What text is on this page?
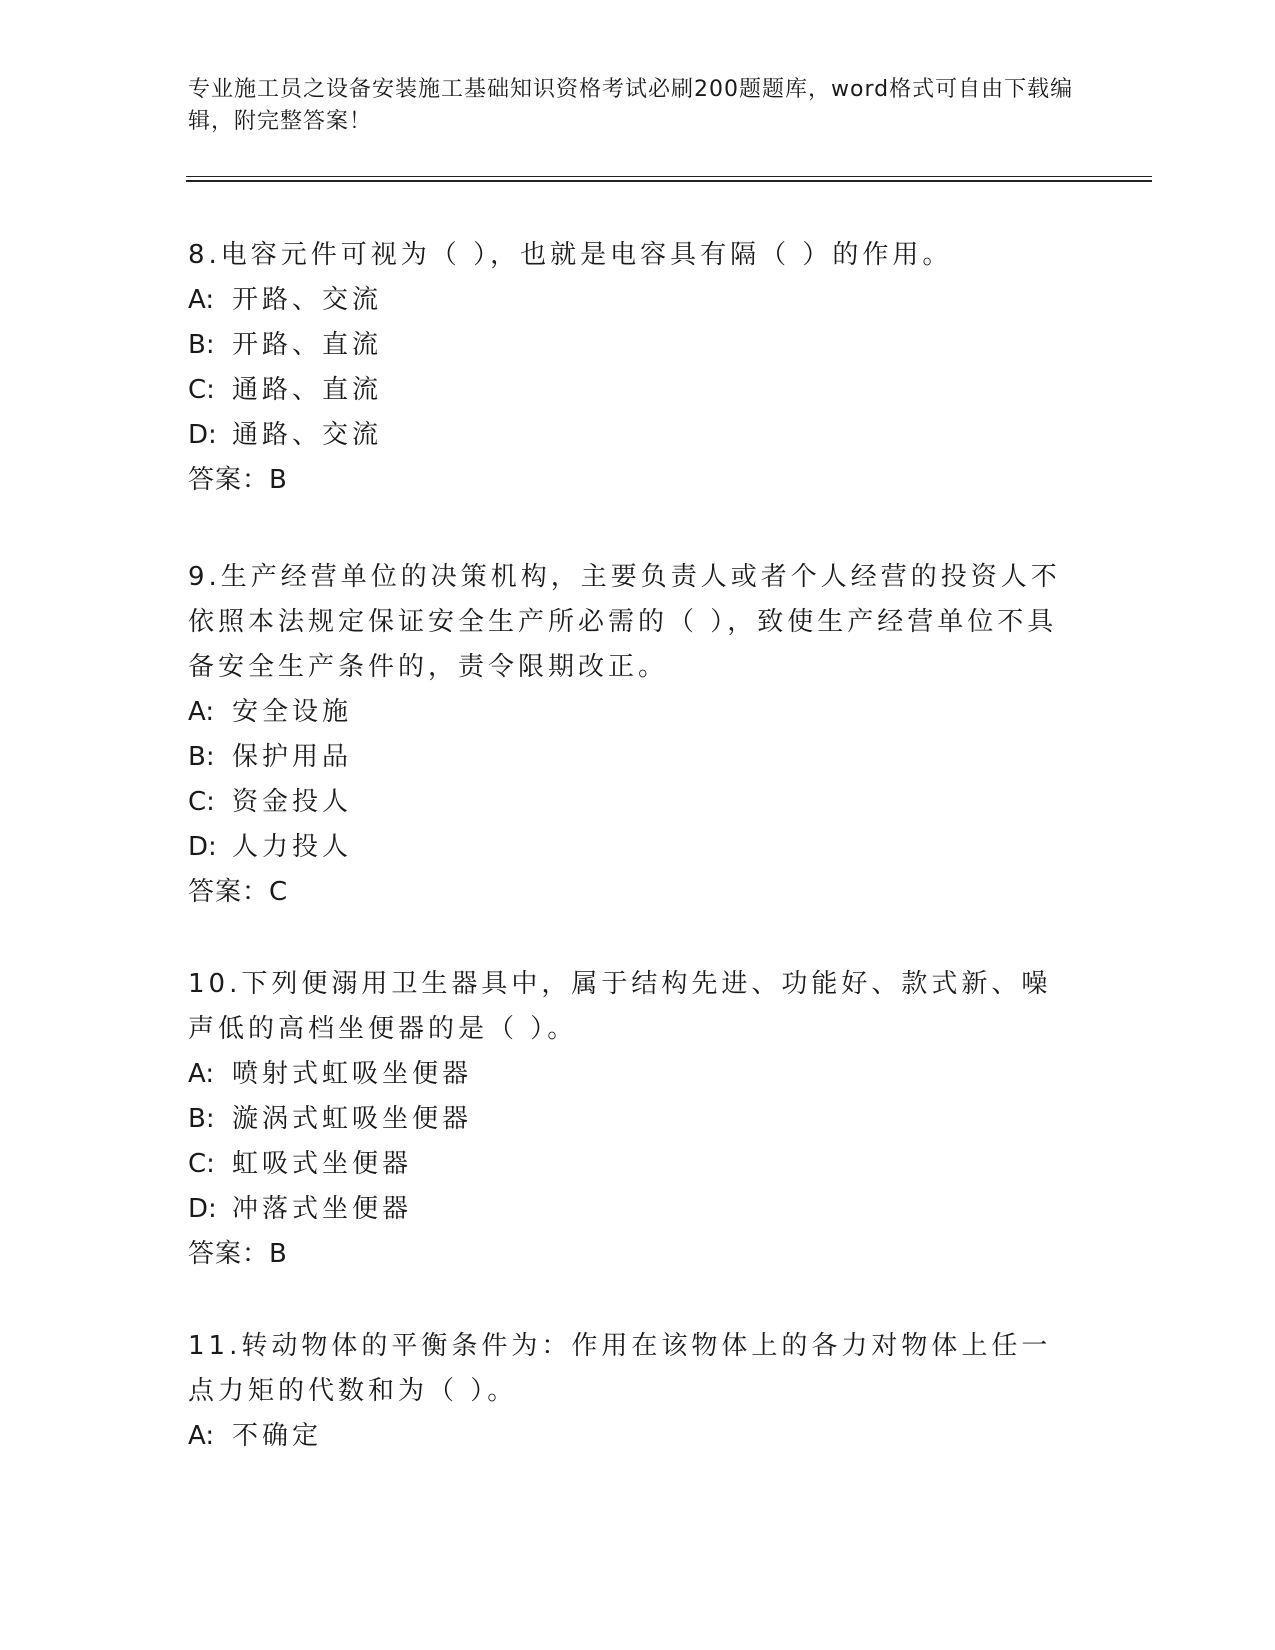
专业施工员之设备安装施工基础知识资格考试必刷200题题库，word格式可自由下载编辑，附完整答案！

8.电容元件可视为（ ），也就是电容具有隔（ ）的作用。

A: 开路、交流

B: 开路、直流

C: 通路、直流

D: 通路、交流

答案：B

9.生产经营单位的决策机构，主要负责人或者个人经营的投资人不依照本法规定保证安全生产所必需的（ ），致使生产经营单位不具备安全生产条件的，责令限期改正。

A: 安全设施

B: 保护用品

C: 资金投人

D: 人力投人

答案：C

10.下列便溺用卫生器具中，属于结构先进、功能好、款式新、噪声低的高档坐便器的是（ ）。

A: 喷射式虹吸坐便器

B: 漩涡式虹吸坐便器

C: 虹吸式坐便器

D: 冲落式坐便器

答案：B

11.转动物体的平衡条件为：作用在该物体上的各力对物体上任一点力矩的代数和为（ ）。

A: 不确定
